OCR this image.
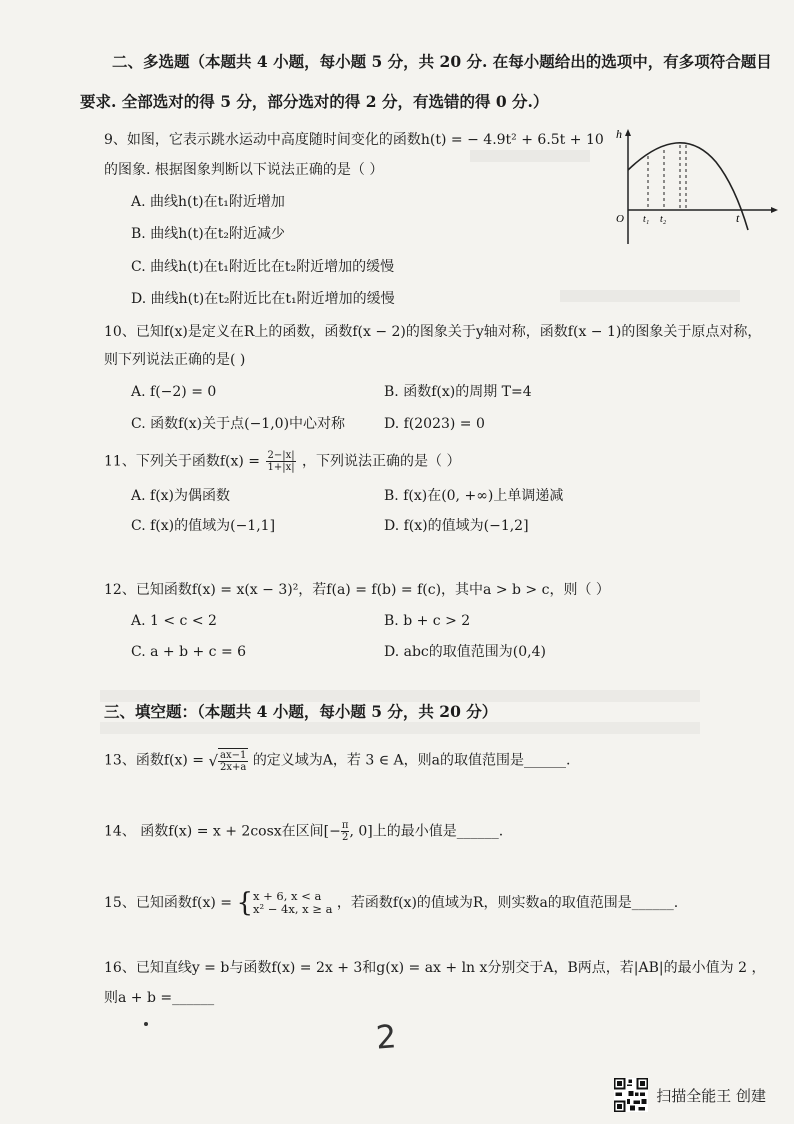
二、多选题（本题共 4 小题，每小题 5 分，共 20 分. 在每小题给出的选项中，有多项符合题目
要求. 全部选对的得 5 分，部分选对的得 2 分，有选错的得 0 分.）
9、如图，它表示跳水运动中高度随时间变化的函数h(t) = − 4.9t² + 6.5t + 10
的图象. 根据图象判断以下说法正确的是（ ）
A. 曲线h(t)在t₁附近增加
B. 曲线h(t)在t₂附近减少
C. 曲线h(t)在t₁附近比在t₂附近增加的缓慢
D. 曲线h(t)在t₂附近比在t₁附近增加的缓慢
h
O t₁ t₂	t
10、已知f(x)是定义在R上的函数，函数f(x − 2)的图象关于y轴对称，函数f(x − 1)的图象关于原点对称，
则下列说法正确的是( )
A. f(−2) = 0	B. 函数f(x)的周期 T=4
C. 函数f(x)关于点(−1,0)中心对称	D. f(2023) = 0
11、下列关于函数$f(x) = \frac{2-|x|}{1+|x|}$ ，下列说法正确的是（ ）
A. f(x)为偶函数	B. f(x)在(0, +∞)上单调递减
C. f(x)的值域为(−1,1]	D. f(x)的值域为(−1,2]
12、已知函数f(x) = x(x − 3)²，若f(a) = f(b) = f(c)，其中a > b > c，则（ ）
A. 1 < c < 2	B. b + c > 2
C. a + b + c = 6	D. abc的取值范围为(0,4)
三、填空题：（本题共 4 小题，每小题 5 分，共 20 分）
13、函数f(x) = √ $\frac{ax-1}{2x+a}$ 的定义域为A，若 3 ∈ A，则a的取值范围是______.
14、 函数f(x) = x + 2cosx在区间[− $\frac{\pi}{2}$ , 0]上的最小值是______.
15、已知函数f(x) = { x + 6, x < a
x² − 4x, x ≥ a ，若函数f(x)的值域为R，则实数a的取值范围是______.
16、已知直线y = b与函数f(x) = 2x + 3和g(x) = ax + ln x分别交于A，B两点，若|AB|的最小值为 2 ，
则a + b =______
2
扫描全能王 创建
